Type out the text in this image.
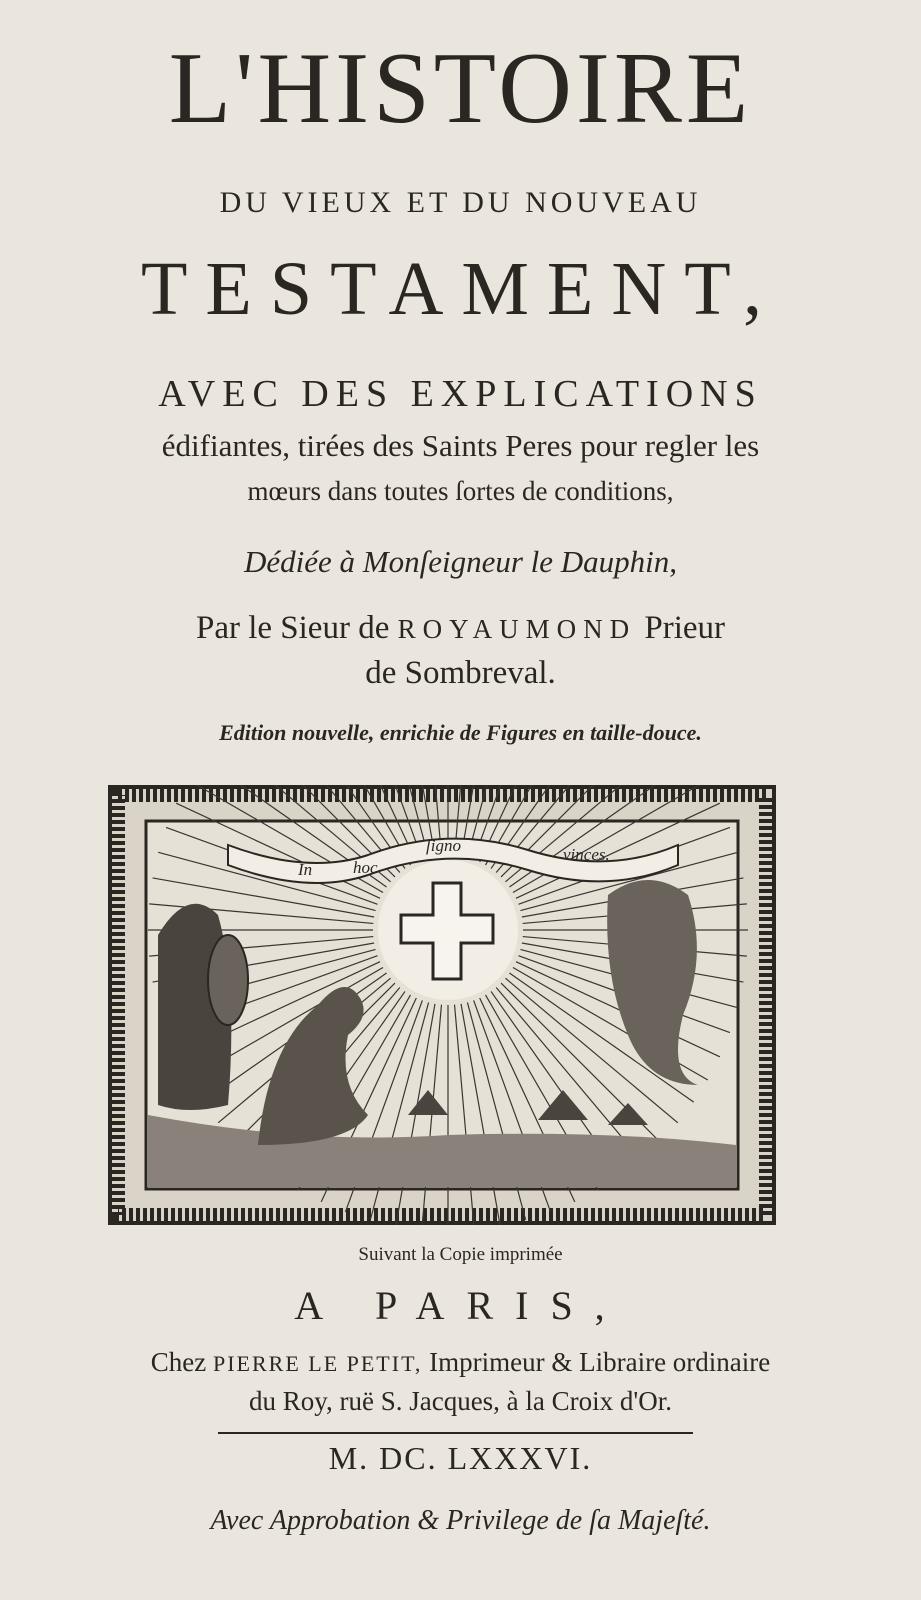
L'HISTOIRE
DU VIEUX ET DU NOUVEAU
TESTAMENT,
AVEC DES EXPLICATIONS
édifiantes, tirées des Saints Peres pour regler les
mœurs dans toutes ſortes de conditions,
Dédiée à Monſeigneur le Dauphin,
Par le Sieur de ROYAUMOND Prieur
de Sombreval.
Edition nouvelle, enrichie de Figures en taille-douce.
In hoc
ſigno	vinces.
Suivant la Copie imprimée
A PARIS,
Chez PIERRE LE PETIT, Imprimeur & Libraire ordinaire
du Roy, ruë S. Jacques, à la Croix d'Or.
M. DC. LXXXVI.
Avec Approbation & Privilege de ſa Majeſté.
